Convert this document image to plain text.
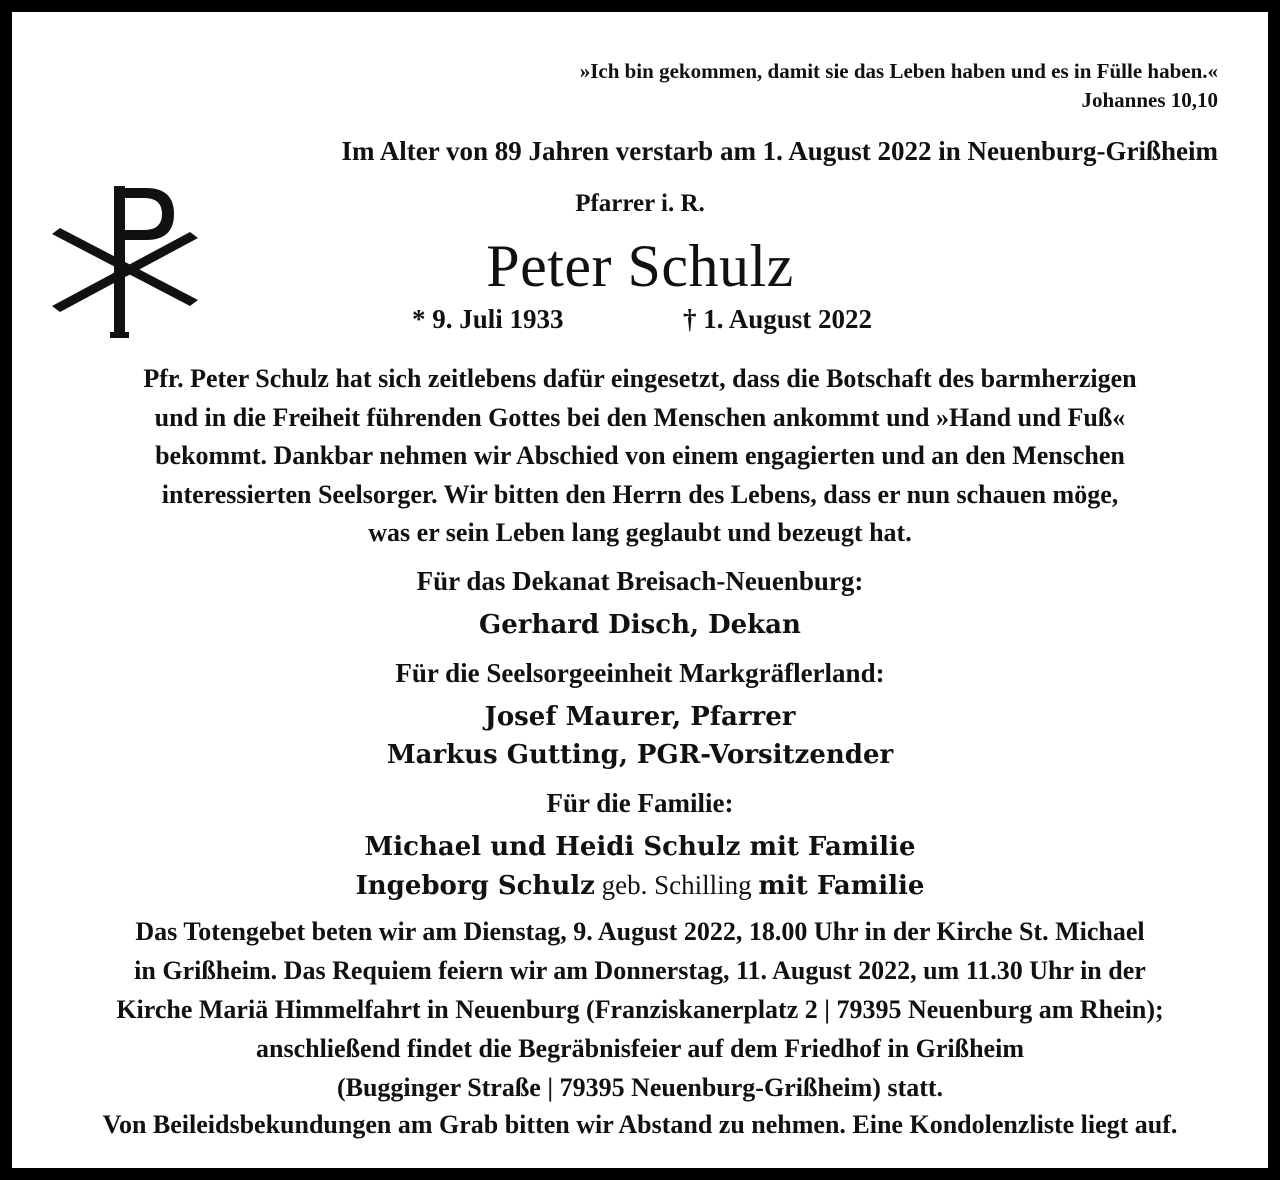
»Ich bin gekommen, damit sie das Leben haben und es in Fülle haben.«
Johannes 10,10
Im Alter von 89 Jahren verstarb am 1. August 2022 in Neuenburg-Grißheim
Pfarrer i. R.
Peter Schulz
* 9. Juli 1933	† 1. August 2022
Pfr. Peter Schulz hat sich zeitlebens dafür eingesetzt, dass die Botschaft des barmherzigen
und in die Freiheit führenden Gottes bei den Menschen ankommt und »Hand und Fuß«
bekommt. Dankbar nehmen wir Abschied von einem engagierten und an den Menschen
interessierten Seelsorger. Wir bitten den Herrn des Lebens, dass er nun schauen möge,
was er sein Leben lang geglaubt und bezeugt hat.
Für das Dekanat Breisach-Neuenburg:
Gerhard Disch, Dekan
Für die Seelsorgeeinheit Markgräflerland:
Josef Maurer, Pfarrer
Markus Gutting, PGR-Vorsitzender
Für die Familie:
Michael und Heidi Schulz mit Familie
Ingeborg Schulz geb. Schilling mit Familie
Das Totengebet beten wir am Dienstag, 9. August 2022, 18.00 Uhr in der Kirche St. Michael
in Grißheim. Das Requiem feiern wir am Donnerstag, 11. August 2022, um 11.30 Uhr in der
Kirche Mariä Himmelfahrt in Neuenburg (Franziskanerplatz 2 | 79395 Neuenburg am Rhein);
anschließend findet die Begräbnisfeier auf dem Friedhof in Grißheim
(Bugginger Straße | 79395 Neuenburg-Grißheim) statt.
Von Beileidsbekundungen am Grab bitten wir Abstand zu nehmen. Eine Kondolenzliste liegt auf.
